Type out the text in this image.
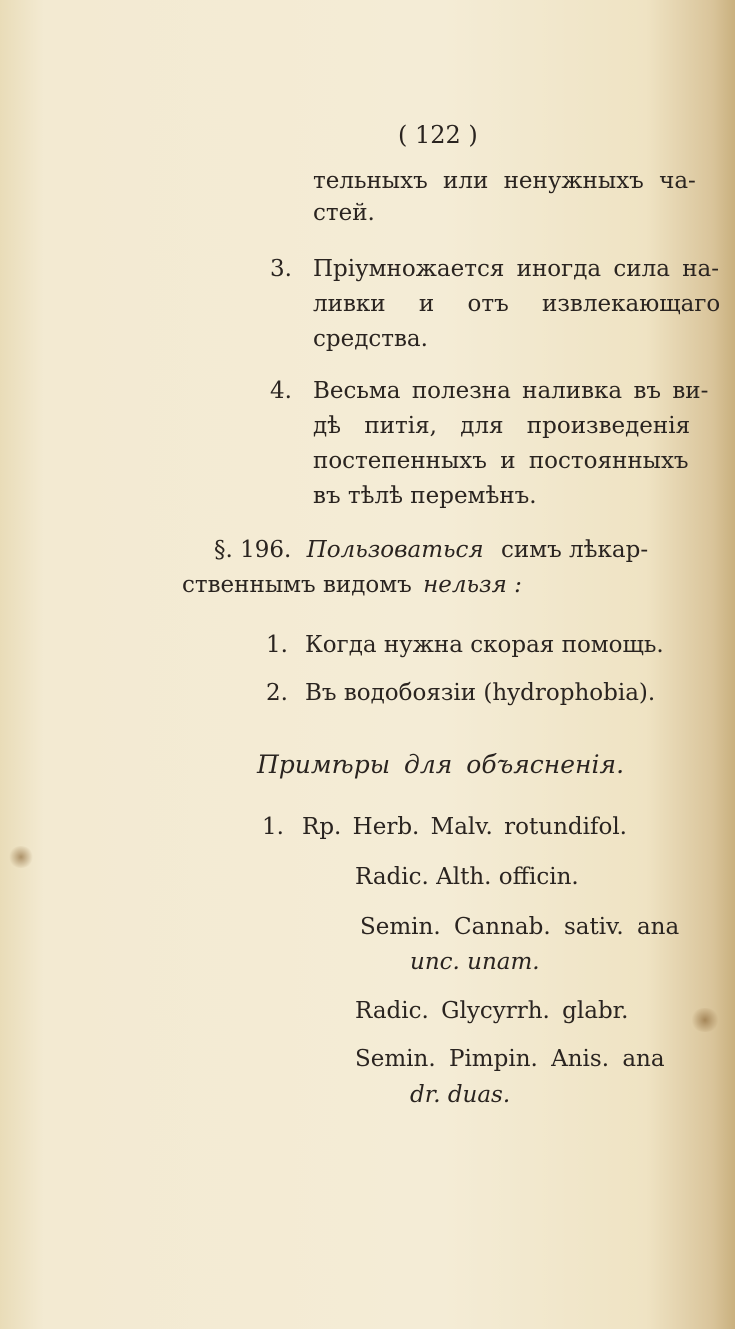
( 122 )
тельныхъ или ненужныхъ ча-
стей.
3. Пріумножается иногда сила на-
ливки и отъ извлекающаго
средства.
4. Весьма полезна наливка въ ви-
дѣ питія, для произведенія
постепенныхъ и постоянныхъ
въ тѣлѣ перемѣнъ.
§. 196. Пользоваться симъ лѣкар-
ственнымъ видомъ нельзя :
1. Когда нужна скорая помощь.
2. Въ водобоязіи (hydrophobia).
Примѣры для объясненія.
1. Rp. Herb. Malv. rotundifol.
Radic. Alth. officin.
Semin. Cannab. sativ. ana
unc. unam.
Radic. Glycyrrh. glabr.
Semin. Pimpin. Anis. ana
dr. duas.
